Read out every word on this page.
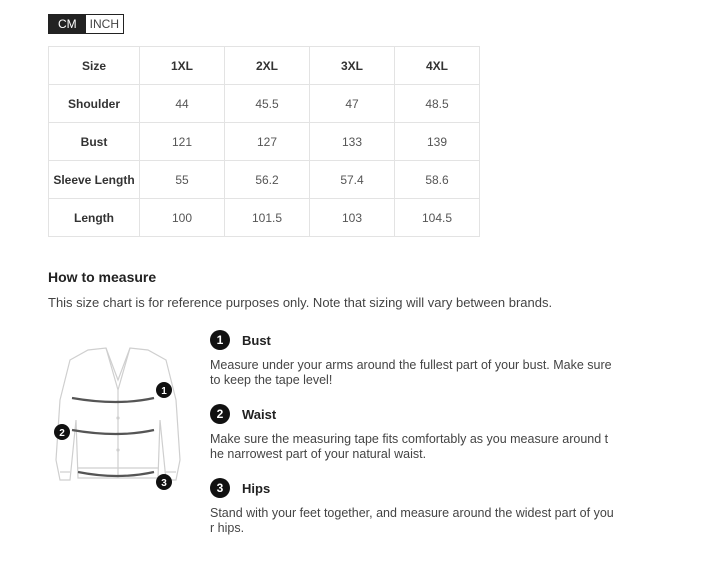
CM	INCH
Size	1XL	2XL	3XL	4XL
Shoulder	44	45.5	47	48.5
Bust	121	127	133	139
Sleeve Length	55	56.2	57.4	58.6
Length	100	101.5	103	104.5
How to measure
This size chart is for reference purposes only. Note that sizing will vary between brands.
1
2
3
1	Bust
Measure under your arms around the fullest part of your bust. Make sure to keep the tape level!
2	Waist
Make sure the measuring tape fits comfortably as you measure around the narrowest part of your natural waist.
3	Hips
Stand with your feet together, and measure around the widest part of your hips.
